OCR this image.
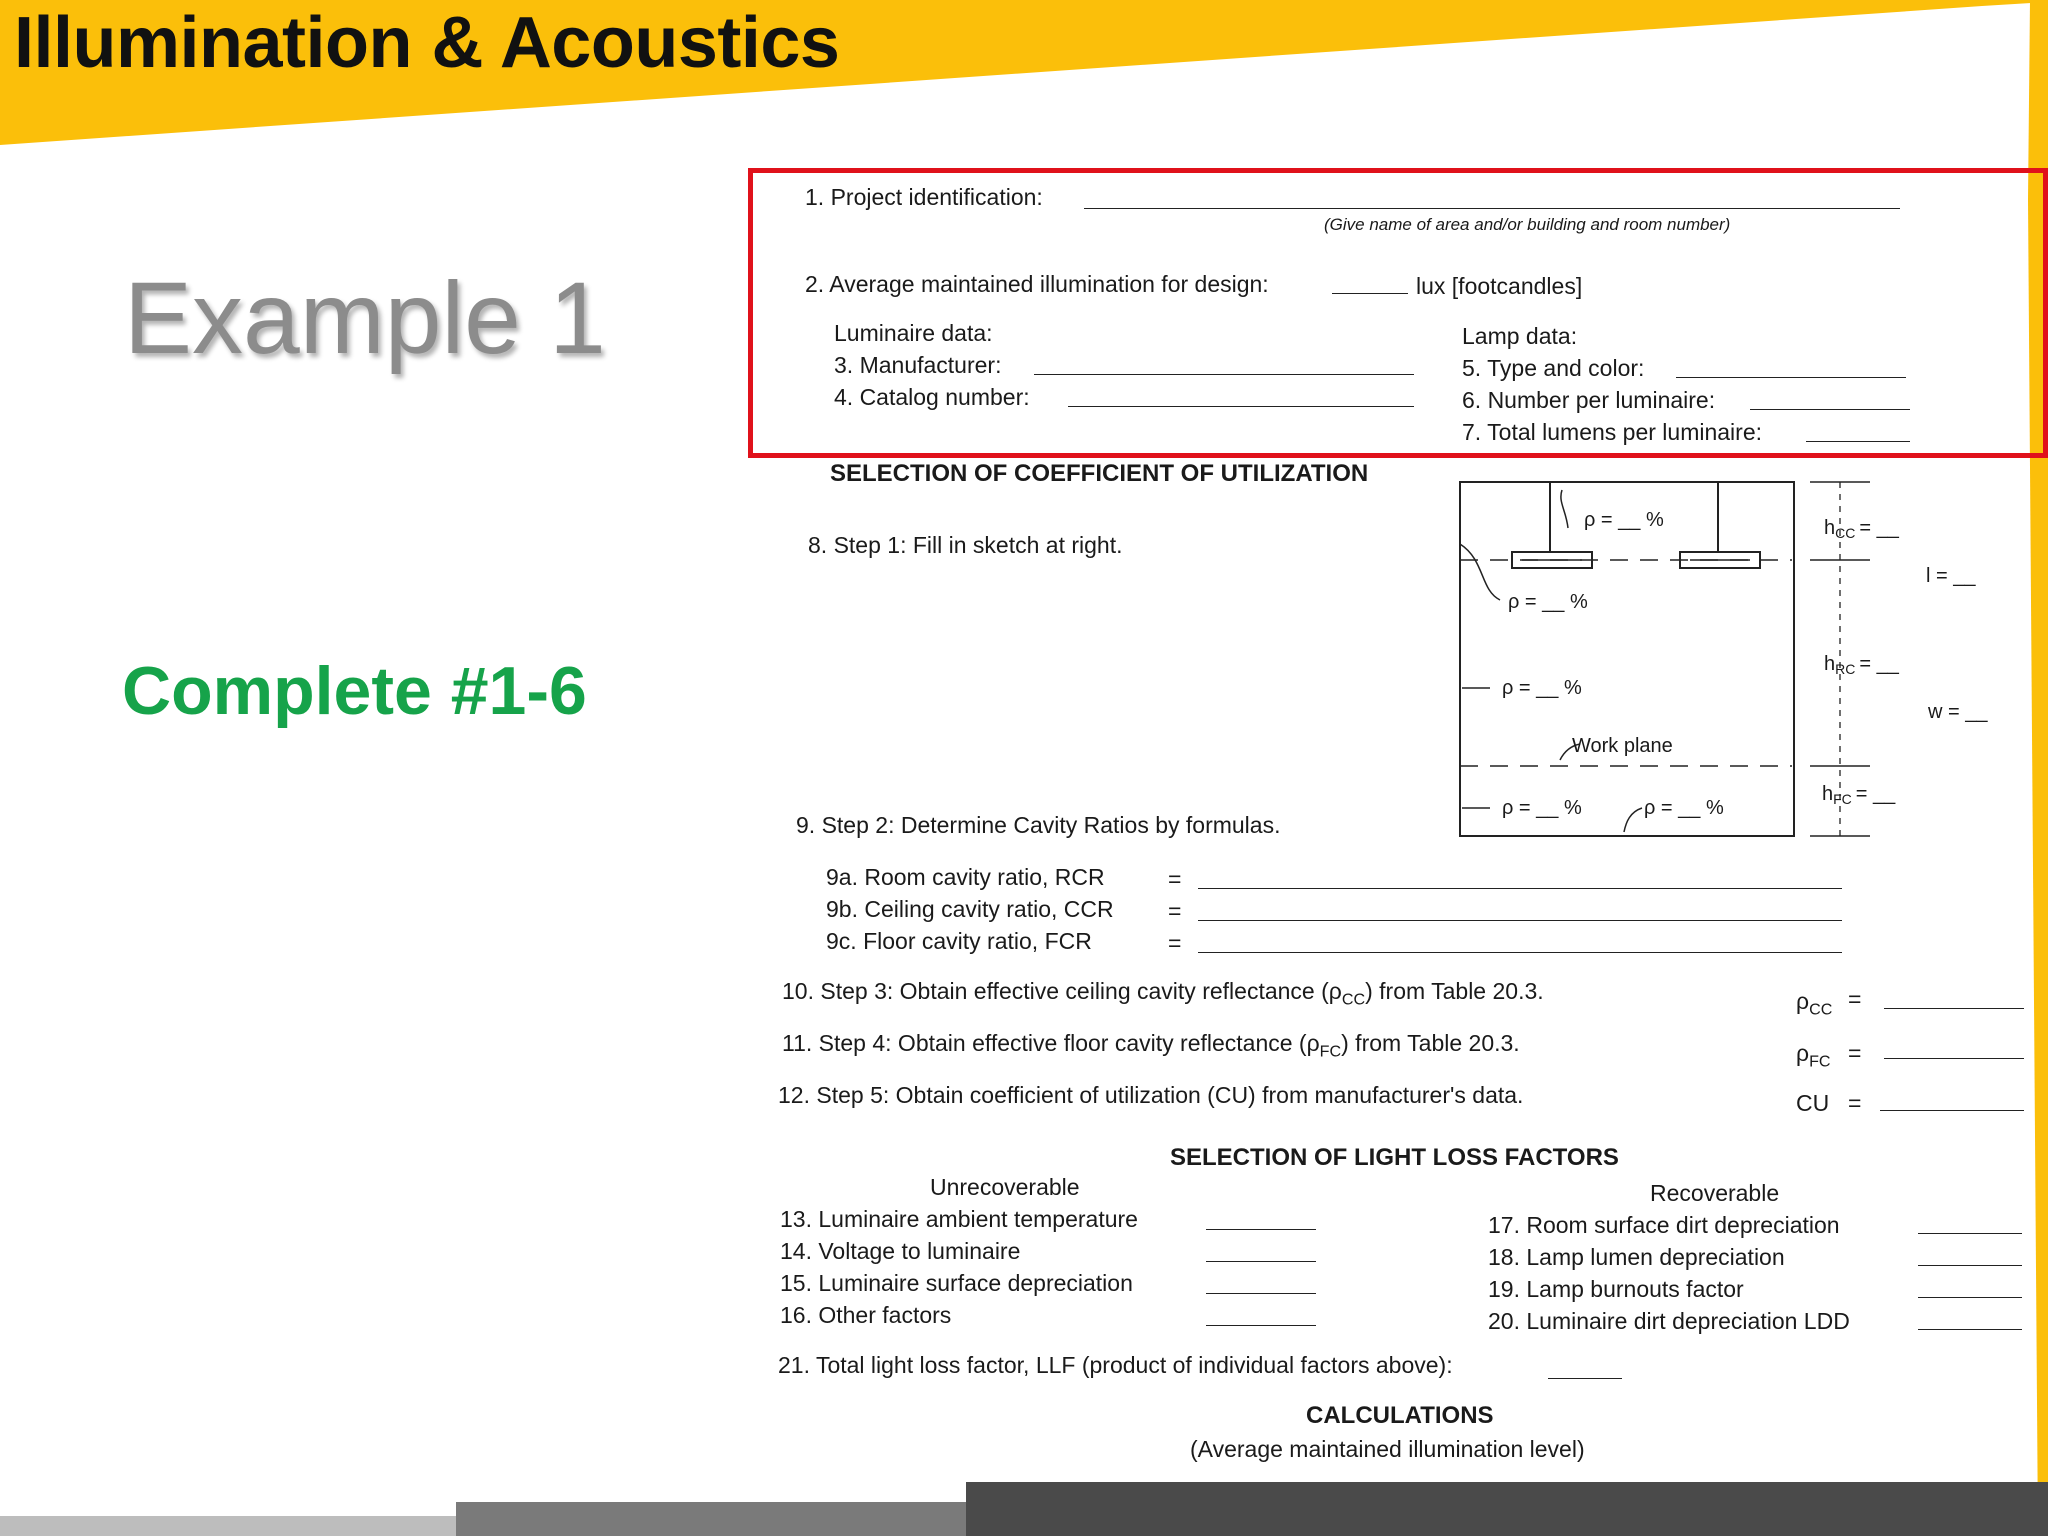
Illumination & Acoustics
Example 1
Complete #1-6
1. Project identification:
(Give name of area and/or building and room number)
2. Average maintained illumination for design:	lux [footcandles]
Luminaire data:	Lamp data:
3. Manufacturer:
4. Catalog number:
5. Type and color:
6. Number per luminaire:
7. Total lumens per luminaire:
SELECTION OF COEFFICIENT OF UTILIZATION
8. Step 1: Fill in sketch at right.
ρ = __ %
ρ = __ %
ρ = __ %
ρ = __ %	ρ = __ %
Work plane
$h_{CC}$ = __
$h_{RC}$ = __
$h_{FC}$ = __
l = __
w = __
9. Step 2: Determine Cavity Ratios by formulas.
9a. Room cavity ratio, RCR	=
9b. Ceiling cavity ratio, CCR =
9c. Floor cavity ratio, FCR	=
10. Step 3: Obtain effective ceiling cavity reflectance $(\rho_{CC})$ from Table 20.3.	$\rho_{CC}$ =
11. Step 4: Obtain effective floor cavity reflectance $(\rho_{FC})$ from Table 20.3.	$\rho_{FC}$ =
12. Step 5: Obtain coefficient of utilization (CU) from manufacturer's data.	CU =
SELECTION OF LIGHT LOSS FACTORS
Unrecoverable	Recoverable
13. Luminaire ambient temperature
14. Voltage to luminaire
15. Luminaire surface depreciation
16. Other factors
17. Room surface dirt depreciation
18. Lamp lumen depreciation
19. Lamp burnouts factor
20. Luminaire dirt depreciation LDD
21. Total light loss factor, LLF (product of individual factors above):
CALCULATIONS
(Average maintained illumination level)
